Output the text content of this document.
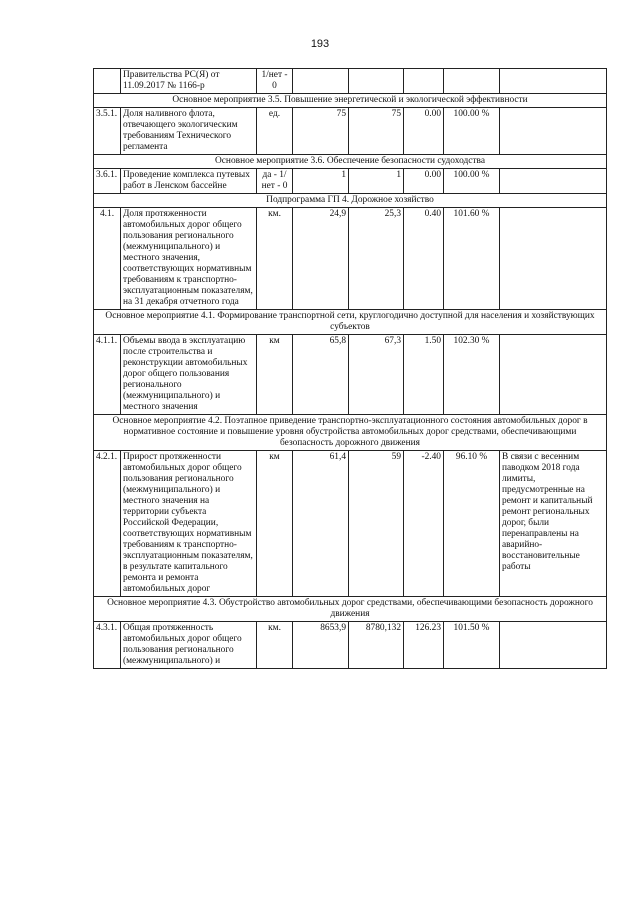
193
	Правительства РС(Я) от 11.09.2017 № 1166-р	1/нет - 0					
Основное мероприятие 3.5. Повышение энергетической и экологической эффективности							
3.5.1.	Доля наливного флота, отвечающего экологическим требованиям Технического регламента	ед.	75	75	0.00	100.00 %	
Основное мероприятие 3.6. Обеспечение безопасности судоходства							
3.6.1.	Проведение комплекса путевых работ в Ленском бассейне	да - 1/нет - 0	1	1	0.00	100.00 %	
Подпрограмма ГП 4. Дорожное хозяйство							
4.1.	Доля протяженности автомобильных дорог общего пользования регионального (межмуниципального) и местного значения, соответствующих нормативным требованиям к транспортно-эксплуатационным показателям, на 31 декабря отчетного года	км.	24,9	25,3	0.40	101.60 %	
Основное мероприятие 4.1. Формирование транспортной сети, круглогодично доступной для населения и хозяйствующих субъектов							
4.1.1.	Объемы ввода в эксплуатацию после строительства и реконструкции автомобильных дорог общего пользования регионального (межмуниципального) и местного значения	км	65,8	67,3	1.50	102.30 %	
Основное мероприятие 4.2. Поэтапное приведение транспортно-эксплуатационного состояния автомобильных дорог в нормативное состояние и повышение уровня обустройства автомобильных дорог средствами, обеспечивающими безопасность дорожного движения							
4.2.1.	Прирост протяженности автомобильных дорог общего пользования регионального (межмуниципального) и местного значения на территории субъекта Российской Федерации, соответствующих нормативным требованиям к транспортно-эксплуатационным показателям, в результате капитального ремонта и ремонта автомобильных дорог	км	61,4	59	-2.40	96.10 %	В связи с весенним паводком 2018 года лимиты, предусмотренные на ремонт и капитальный ремонт региональных дорог, были перенаправлены на аварийно-восстановительные работы
Основное мероприятие 4.3. Обустройство автомобильных дорог средствами, обеспечивающими безопасность дорожного движения							
4.3.1.	Общая протяженность автомобильных дорог общего пользования регионального (межмуниципального) и	км.	8653,9	8780,132	126.23	101.50 %	
